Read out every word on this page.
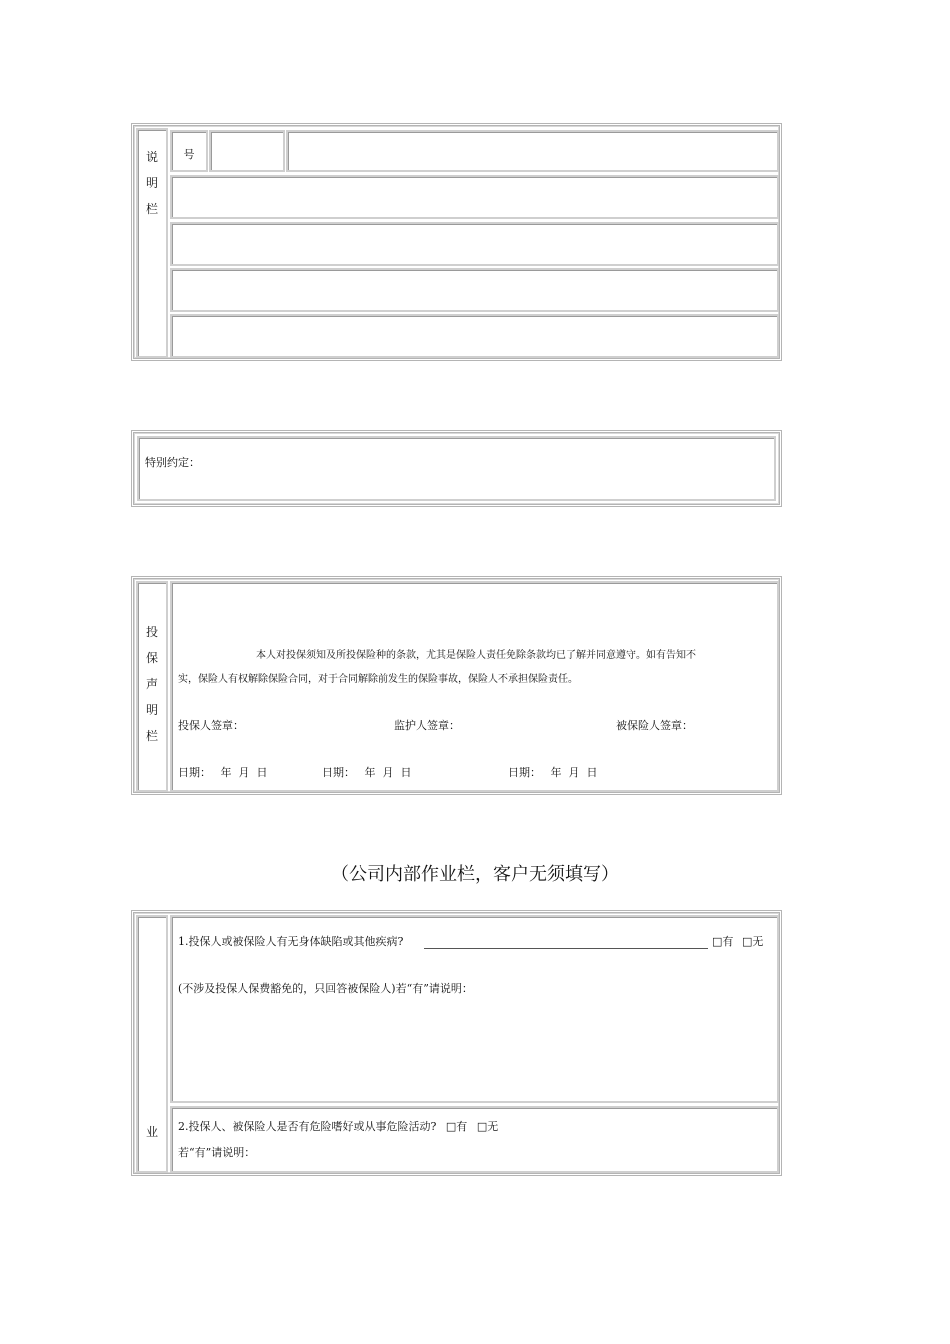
说
明
栏
号
特别约定：
投
保
声
明
栏
本人对投保须知及所投保险种的条款，尤其是保险人责任免除条款均已了解并同意遵守。如有告知不
实，保险人有权解除保险合同，对于合同解除前发生的保险事故，保险人不承担保险责任。
投保人签章：	监护人签章：	被保险人签章：
日期： 年  月  日	日期： 年  月  日	日期： 年  月  日
（公司内部作业栏，客户无须填写）
业
1.投保人或被保险人有无身体缺陷或其他疾病?	□有 □无
(不涉及投保人保费豁免的，只回答被保险人)若“有”请说明：
2.投保人、被保险人是否有危险嗜好或从事危险活动? □有 □无
若“有”请说明：
